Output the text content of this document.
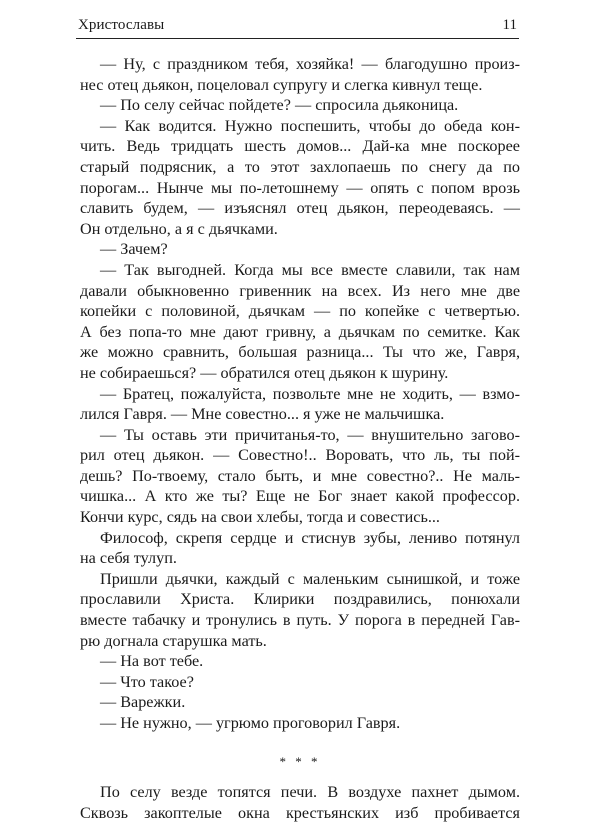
Христославы	11
— Ну, с праздником тебя, хозяйка! — благодушно произ-
нес отец дьякон, поцеловал супругу и слегка кивнул теще.
— По селу сейчас пойдете? — спросила дьяконица.
— Как водится. Нужно поспешить, чтобы до обеда кон-
чить. Ведь тридцать шесть домов... Дай-ка мне поскорее
старый подрясник, а то этот захлопаешь по снегу да по
порогам... Нынче мы по-летошнему — опять с попом врозь
славить будем, — изъяснял отец дьякон, переодеваясь. —
Он отдельно, а я с дьячками.
— Зачем?
— Так выгодней. Когда мы все вместе славили, так нам
давали обыкновенно гривенник на всех. Из него мне две
копейки с половиной, дьячкам — по копейке с четвертью.
А без попа-то мне дают гривну, а дьячкам по семитке. Как
же можно сравнить, большая разница... Ты что же, Гавря,
не собираешься? — обратился отец дьякон к шурину.
— Братец, пожалуйста, позвольте мне не ходить, — взмо-
лился Гавря. — Мне совестно... я уже не мальчишка.
— Ты оставь эти причитанья-то, — внушительно загово-
рил отец дьякон. — Совестно!.. Воровать, что ль, ты пой-
дешь? По-твоему, стало быть, и мне совестно?.. Не маль-
чишка... А кто же ты? Еще не Бог знает какой профессор.
Кончи курс, сядь на свои хлебы, тогда и совестись...
Философ, скрепя сердце и стиснув зубы, лениво потянул
на себя тулуп.
Пришли дьячки, каждый с маленьким сынишкой, и тоже
прославили Христа. Клирики поздравились, понюхали
вместе табачку и тронулись в путь. У порога в передней Гав-
рю догнала старушка мать.
— На вот тебе.
— Что такое?
— Варежки.
— Не нужно, — угрюмо проговорил Гавря.
* * *
По селу везде топятся печи. В воздухе пахнет дымом.
Сквозь закоптелые окна крестьянских изб пробивается
